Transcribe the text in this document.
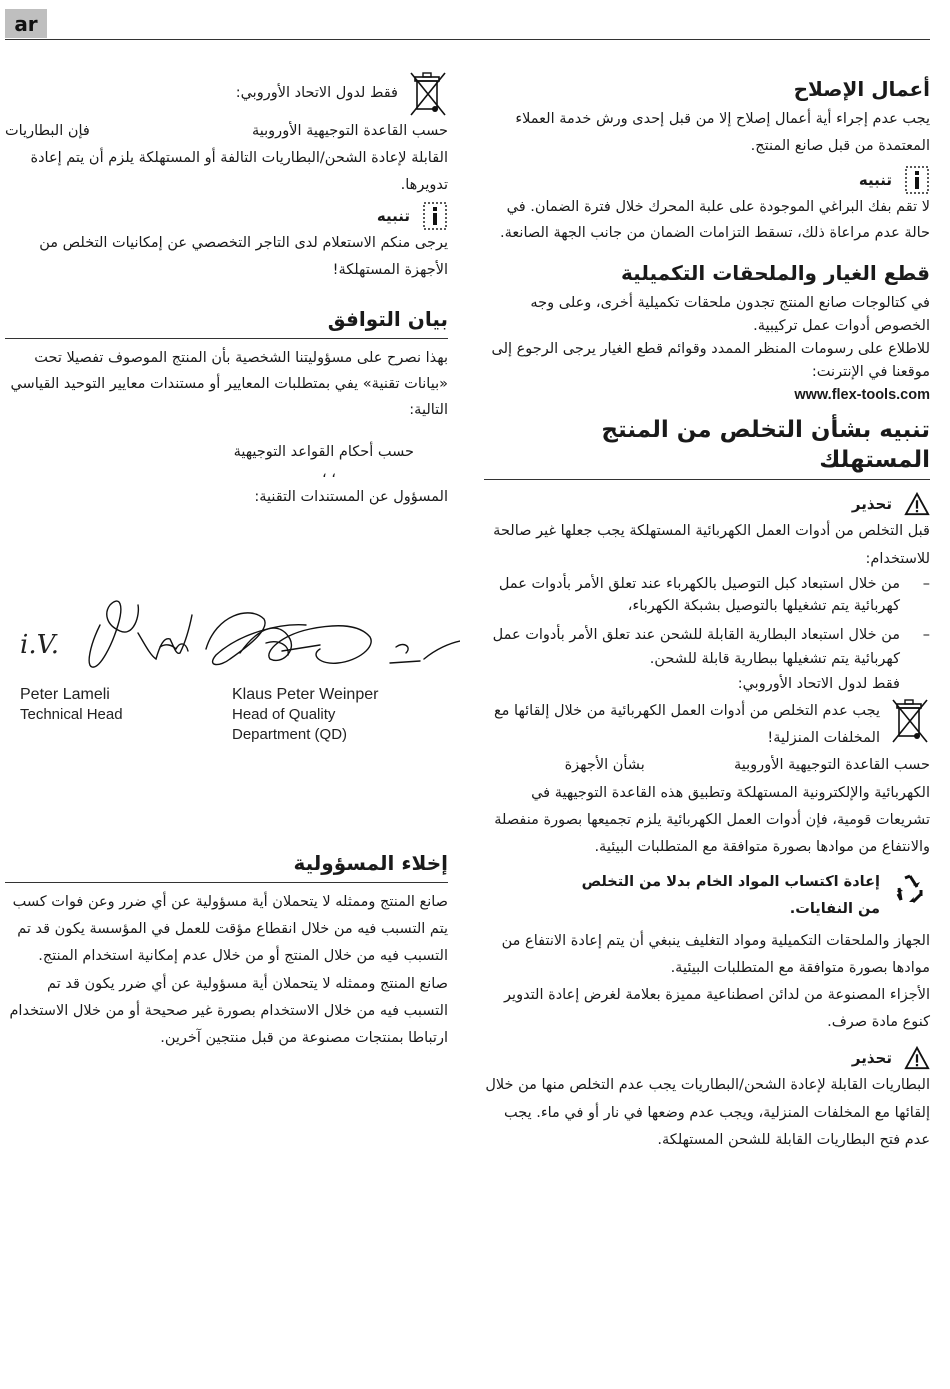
ar
أعمال الإصلاح

يجب عدم إجراء أية أعمال إصلاح إلا من قبل إحدى ورش خدمة العملاء المعتمدة من قبل صانع المنتج.

تنبيه

لا تقم بفك البراغي الموجودة على علبة المحرك خلال فترة الضمان. في حالة عدم مراعاة ذلك، تسقط التزامات الضمان من جانب الجهة الصانعة.

قطع الغيار والملحقات التكميلية

في كتالوجات صانع المنتج تجدون ملحقات تكميلية أخرى، وعلى وجه الخصوص أدوات عمل تركيبية.

للاطلاع على رسومات المنظر الممدد وقوائم قطع الغيار يرجى الرجوع إلى موقعنا في الإنترنت:

www.flex-tools.com

تنبيه بشأن التخلص من المنتج المستهلك
تحذير

قبل التخلص من أدوات العمل الكهربائية المستهلكة يجب جعلها غير صالحة للاستخدام:

– من خلال استبعاد كبل التوصيل بالكهرباء عند تعلق الأمر بأدوات عمل كهربائية يتم تشغيلها بالتوصيل بشبكة الكهرباء،
– من خلال استبعاد البطارية القابلة للشحن عند تعلق الأمر بأدوات عمل كهربائية يتم تشغيلها ببطارية قابلة للشحن.

فقط لدول الاتحاد الأوروبي:

يجب عدم التخلص من أدوات العمل الكهربائية من خلال إلقائها مع المخلفات المنزلية!

حسب القاعدة التوجيهية الأوروبية  بشأن الأجهزة

الكهربائية والإلكترونية المستهلكة وتطبيق هذه القاعدة التوجيهية في تشريعات قومية، فإن أدوات العمل الكهربائية يلزم تجميعها بصورة منفصلة والانتفاع من موادها بصورة متوافقة مع المتطلبات البيئية.

إعادة اكتساب المواد الخام بدلا من التخلص من النفايات.

الجهاز والملحقات التكميلية ومواد التغليف ينبغي أن يتم إعادة الانتفاع من موادها بصورة متوافقة مع المتطلبات البيئية.

الأجزاء المصنوعة من لدائن اصطناعية مميزة بعلامة لغرض إعادة التدوير كنوع مادة صرف.

تحذير

البطاريات القابلة لإعادة الشحن/البطاريات يجب عدم التخلص منها من خلال إلقائها مع المخلفات المنزلية، ويجب عدم وضعها في نار أو في ماء. يجب عدم فتح البطاريات القابلة للشحن المستهلكة.

فقط لدول الاتحاد الأوروبي:

حسب القاعدة التوجيهية الأوروبية
فإن البطاريات

القابلة لإعادة الشحن/البطاريات التالفة أو المستهلكة يلزم أن يتم إعادة تدويرها.

تنبيه

يرجى منكم الاستعلام لدى التاجر التخصصي عن إمكانيات التخلص من الأجهزة المستهلكة!

بيان التوافق

بهذا نصرح على مسؤوليتنا الشخصية بأن المنتج الموصوف تفصيلا تحت «بيانات تقنية» يفي بمتطلبات المعايير أو مستندات معايير التوحيد القياسي التالية:

حسب أحكام القواعد التوجيهية

، ،

المسؤول عن المستندات التقنية:

i.V.
Peter Lameli
Technical Head
Klaus Peter Weinper
Head of Quality
Department (QD)
إخلاء المسؤولية

صانع المنتج وممثله لا يتحملان أية مسؤولية عن أي ضرر وعن فوات كسب يتم التسبب فيه من خلال انقطاع مؤقت للعمل في المؤسسة يكون قد تم التسبب فيه من خلال المنتج أو من خلال عدم إمكانية استخدام المنتج.

صانع المنتج وممثله لا يتحملان أية مسؤولية عن أي ضرر يكون قد تم التسبب فيه من خلال الاستخدام بصورة غير صحيحة أو من خلال الاستخدام ارتباطا بمنتجات مصنوعة من قبل منتجين آخرين.
